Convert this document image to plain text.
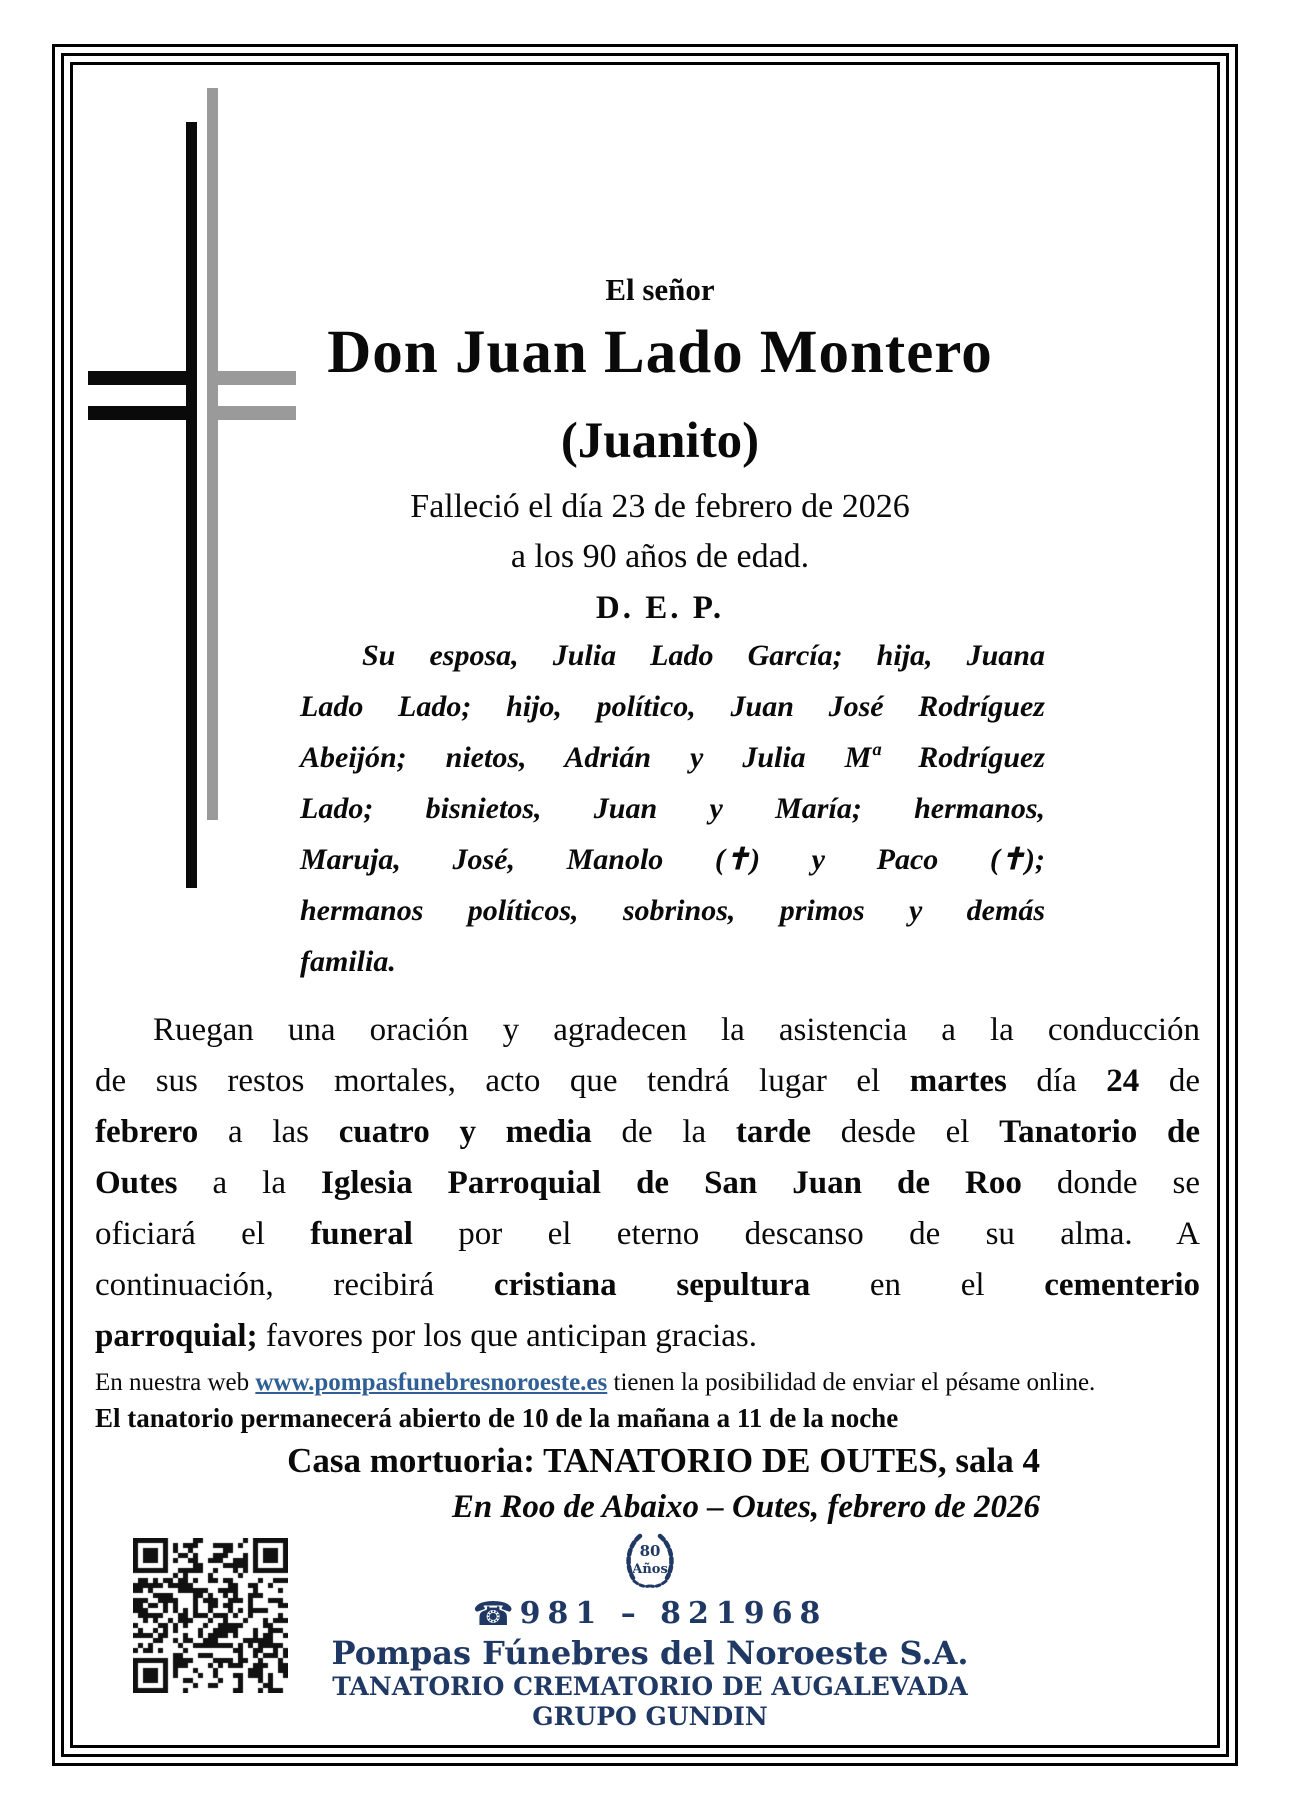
El señor
Don Juan Lado Montero
(Juanito)
Falleció el día 23 de febrero de 2026
a los 90 años de edad.
D. E. P.
Su esposa, Julia Lado García; hija, Juana
Lado Lado; hijo, político, Juan José Rodríguez
Abeijón; nietos, Adrián y Julia Mª Rodríguez
Lado; bisnietos, Juan y María; hermanos,
Maruja, José, Manolo (✝) y Paco (✝);
hermanos políticos, sobrinos, primos y demás
familia.
Ruegan una oración y agradecen la asistencia a la conducción
de sus restos mortales, acto que tendrá lugar el martes día 24 de
febrero a las cuatro y media de la tarde desde el Tanatorio de
Outes a la Iglesia Parroquial de San Juan de Roo donde se
oficiará el funeral por el eterno descanso de su alma. A
continuación, recibirá cristiana sepultura en el cementerio
parroquial; favores por los que anticipan gracias.
En nuestra web www.pompasfunebresnoroeste.es tienen la posibilidad de enviar el pésame online.
El tanatorio permanecerá abierto de 10 de la mañana a 11 de la noche
Casa mortuoria: TANATORIO DE OUTES, sala 4
En Roo de Abaixo – Outes, febrero de 2026
80
Años
☎ 981 – 821968
Pompas Fúnebres del Noroeste S.A.
TANATORIO CREMATORIO DE AUGALEVADA
GRUPO GUNDIN
